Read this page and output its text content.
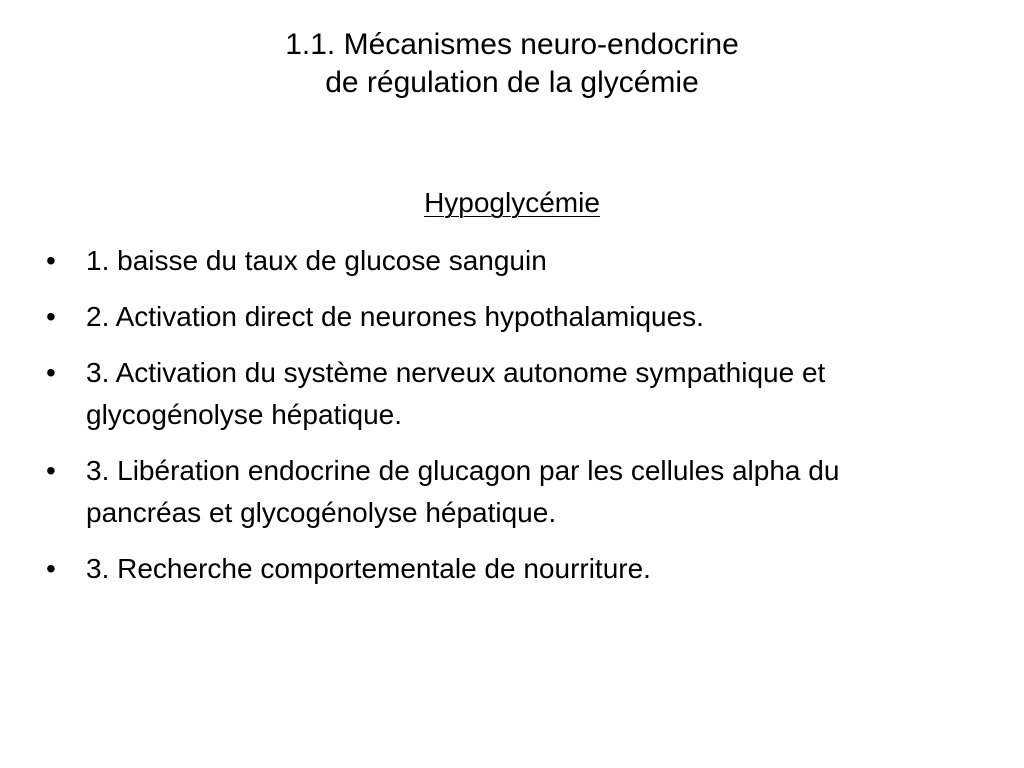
1.1. Mécanismes neuro-endocrine
de régulation de la glycémie

Hypoglycémie

• 1. baisse du taux de glucose sanguin
• 2. Activation direct de neurones hypothalamiques.
• 3. Activation du système nerveux autonome sympathique et glycogénolyse hépatique.
• 3. Libération endocrine de glucagon par les cellules alpha du pancréas et glycogénolyse hépatique.
• 3. Recherche comportementale de nourriture.
